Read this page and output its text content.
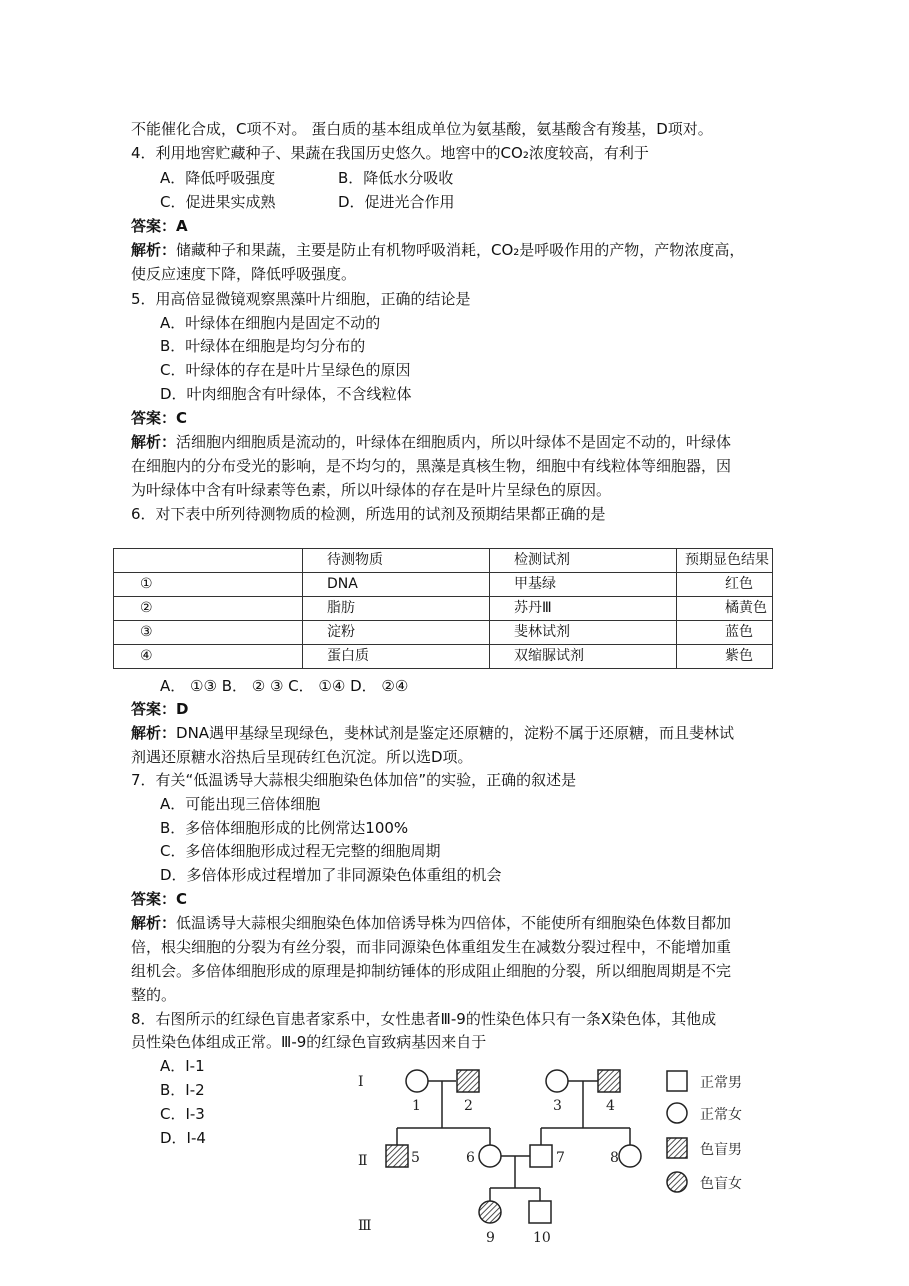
不能催化合成，C项不对。 蛋白质的基本组成单位为氨基酸，氨基酸含有羧基，D项对。
4．利用地窖贮藏种子、果蔬在我国历史悠久。地窖中的CO₂浓度较高，有利于
A．降低呼吸强度	B．降低水分吸收
C．促进果实成熟	D．促进光合作用
答案：A
解析：储藏种子和果蔬，主要是防止有机物呼吸消耗，CO₂是呼吸作用的产物，产物浓度高，
使反应速度下降，降低呼吸强度。
5．用高倍显微镜观察黑藻叶片细胞，正确的结论是
A．叶绿体在细胞内是固定不动的
B．叶绿体在细胞是均匀分布的
C．叶绿体的存在是叶片呈绿色的原因
D．叶肉细胞含有叶绿体，不含线粒体
答案：C
解析：活细胞内细胞质是流动的，叶绿体在细胞质内，所以叶绿体不是固定不动的，叶绿体
在细胞内的分布受光的影响，是不均匀的，黑藻是真核生物，细胞中有线粒体等细胞器，因
为叶绿体中含有叶绿素等色素，所以叶绿体的存在是叶片呈绿色的原因。
6．对下表中所列待测物质的检测，所选用的试剂及预期结果都正确的是
	待测物质	检测试剂	预期显色结果
①	DNA	甲基绿	红色
②	脂肪	苏丹Ⅲ	橘黄色
③	淀粉	斐林试剂	蓝色
④	蛋白质	双缩脲试剂	紫色
A． ①③ B． ② ③ C． ①④ D． ②④
答案：D
解析：DNA遇甲基绿呈现绿色，斐林试剂是鉴定还原糖的，淀粉不属于还原糖，而且斐林试
剂遇还原糖水浴热后呈现砖红色沉淀。所以选D项。
7．有关“低温诱导大蒜根尖细胞染色体加倍”的实验，正确的叙述是
A．可能出现三倍体细胞
B．多倍体细胞形成的比例常达100%
C．多倍体细胞形成过程无完整的细胞周期
D．多倍体形成过程增加了非同源染色体重组的机会
答案：C
解析：低温诱导大蒜根尖细胞染色体加倍诱导株为四倍体，不能使所有细胞染色体数目都加
倍，根尖细胞的分裂为有丝分裂，而非同源染色体重组发生在减数分裂过程中，不能增加重
组机会。多倍体细胞形成的原理是抑制纺锤体的形成阻止细胞的分裂，所以细胞周期是不完
整的。
8．右图所示的红绿色盲患者家系中，女性患者Ⅲ-9的性染色体只有一条X染色体，其他成
员性染色体组成正常。Ⅲ-9的红绿色盲致病基因来自于
A．Ⅰ-1
B．Ⅰ-2
C．Ⅰ-3
D．Ⅰ-4
Ⅰ
Ⅱ
Ⅲ
1	2	3	4
5	6	7	8
9	10
正常男
正常女
色盲男
色盲女
